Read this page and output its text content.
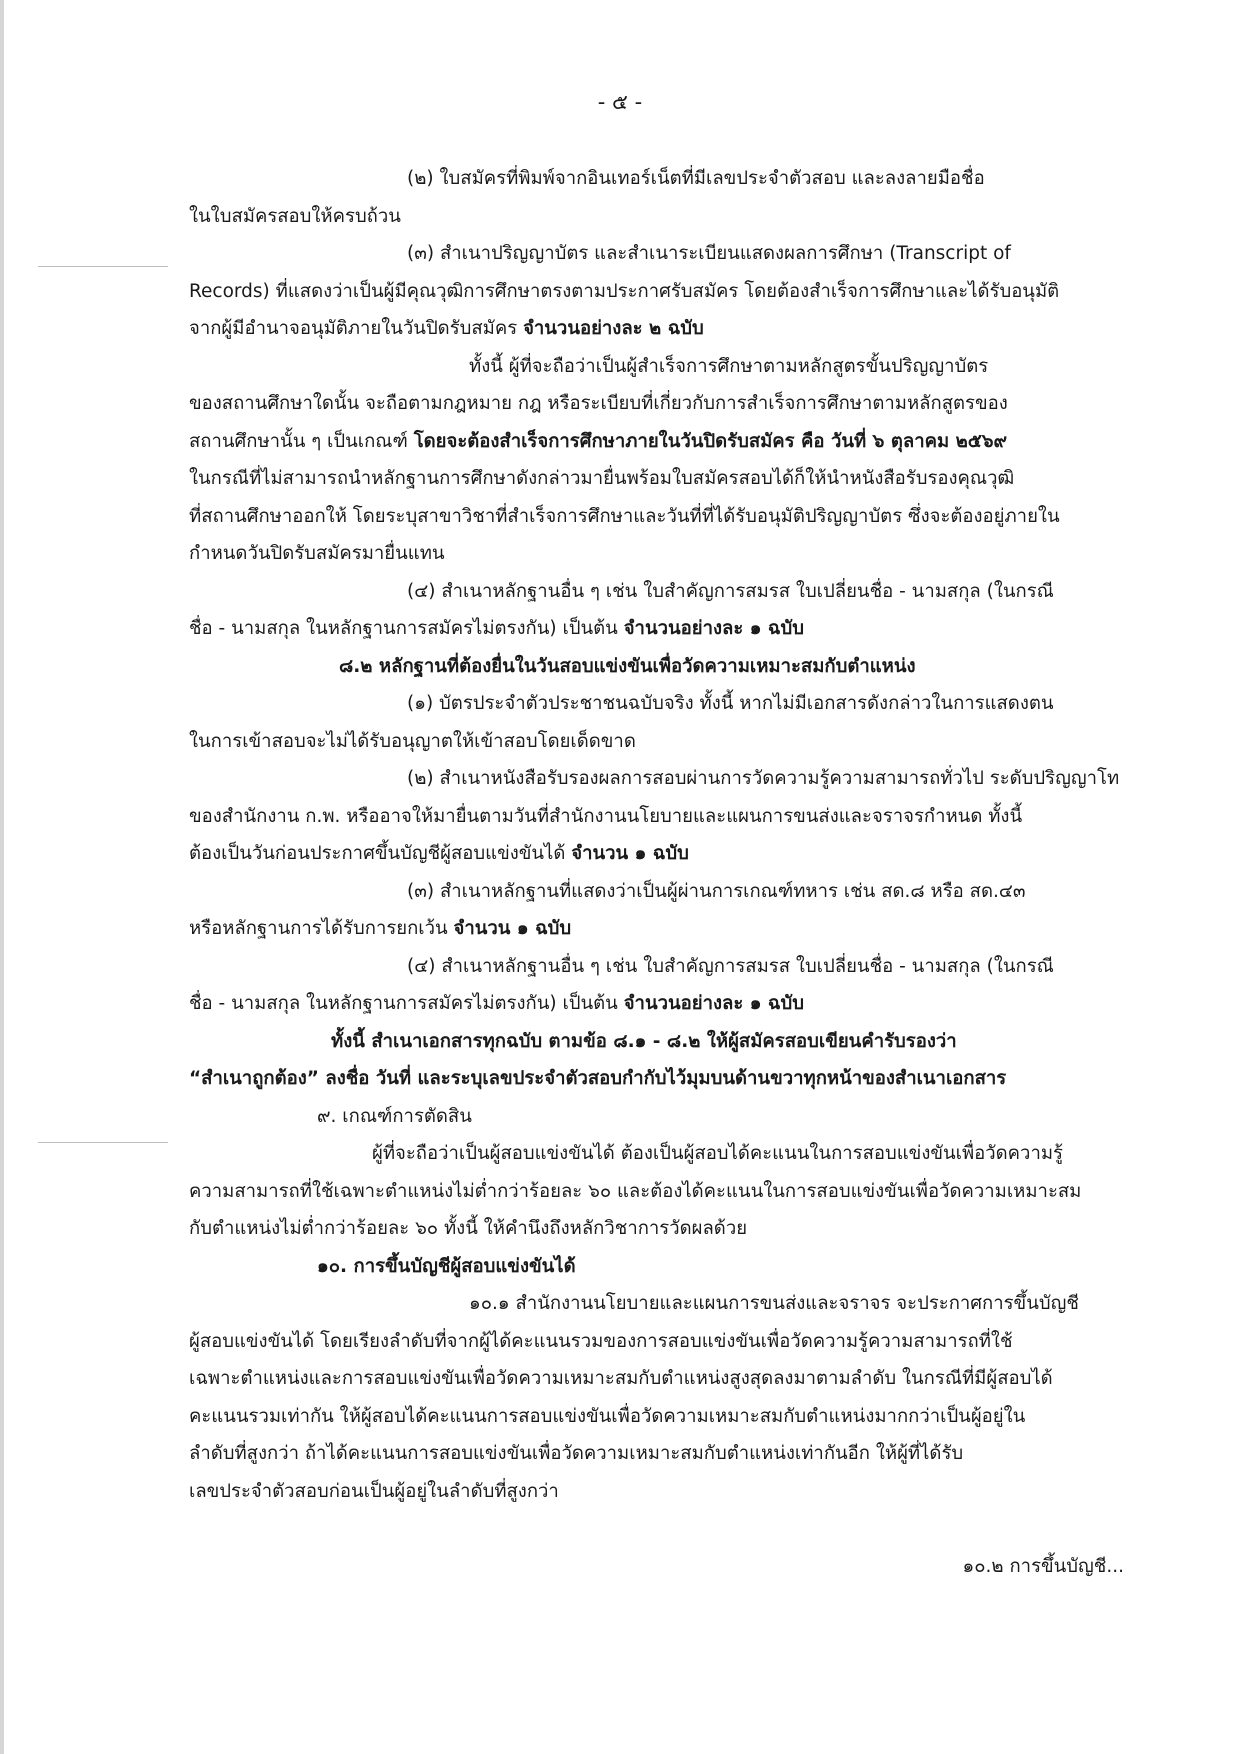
- ๕ -
(๒) ใบสมัครที่พิมพ์จากอินเทอร์เน็ตที่มีเลขประจำตัวสอบ และลงลายมือชื่อ
ในใบสมัครสอบให้ครบถ้วน
(๓) สำเนาปริญญาบัตร และสำเนาระเบียนแสดงผลการศึกษา (Transcript of
Records) ที่แสดงว่าเป็นผู้มีคุณวุฒิการศึกษาตรงตามประกาศรับสมัคร โดยต้องสำเร็จการศึกษาและได้รับอนุมัติ
จากผู้มีอำนาจอนุมัติภายในวันปิดรับสมัคร จำนวนอย่างละ ๒ ฉบับ
ทั้งนี้ ผู้ที่จะถือว่าเป็นผู้สำเร็จการศึกษาตามหลักสูตรขั้นปริญญาบัตร
ของสถานศึกษาใดนั้น จะถือตามกฎหมาย กฎ หรือระเบียบที่เกี่ยวกับการสำเร็จการศึกษาตามหลักสูตรของ
สถานศึกษานั้น ๆ เป็นเกณฑ์ โดยจะต้องสำเร็จการศึกษาภายในวันปิดรับสมัคร คือ วันที่ ๖ ตุลาคม ๒๕๖๙
ในกรณีที่ไม่สามารถนำหลักฐานการศึกษาดังกล่าวมายื่นพร้อมใบสมัครสอบได้ก็ให้นำหนังสือรับรองคุณวุฒิ
ที่สถานศึกษาออกให้ โดยระบุสาขาวิชาที่สำเร็จการศึกษาและวันที่ที่ได้รับอนุมัติปริญญาบัตร ซึ่งจะต้องอยู่ภายใน
กำหนดวันปิดรับสมัครมายื่นแทน
(๔) สำเนาหลักฐานอื่น ๆ เช่น ใบสำคัญการสมรส ใบเปลี่ยนชื่อ - นามสกุล (ในกรณี
ชื่อ - นามสกุล ในหลักฐานการสมัครไม่ตรงกัน) เป็นต้น จำนวนอย่างละ ๑ ฉบับ
๘.๒ หลักฐานที่ต้องยื่นในวันสอบแข่งขันเพื่อวัดความเหมาะสมกับตำแหน่ง
(๑) บัตรประจำตัวประชาชนฉบับจริง ทั้งนี้ หากไม่มีเอกสารดังกล่าวในการแสดงตน
ในการเข้าสอบจะไม่ได้รับอนุญาตให้เข้าสอบโดยเด็ดขาด
(๒) สำเนาหนังสือรับรองผลการสอบผ่านการวัดความรู้ความสามารถทั่วไป ระดับปริญญาโท
ของสำนักงาน ก.พ. หรืออาจให้มายื่นตามวันที่สำนักงานนโยบายและแผนการขนส่งและจราจรกำหนด ทั้งนี้
ต้องเป็นวันก่อนประกาศขึ้นบัญชีผู้สอบแข่งขันได้ จำนวน ๑ ฉบับ
(๓) สำเนาหลักฐานที่แสดงว่าเป็นผู้ผ่านการเกณฑ์ทหาร เช่น สด.๘ หรือ สด.๔๓
หรือหลักฐานการได้รับการยกเว้น จำนวน ๑ ฉบับ
(๔) สำเนาหลักฐานอื่น ๆ เช่น ใบสำคัญการสมรส ใบเปลี่ยนชื่อ - นามสกุล (ในกรณี
ชื่อ - นามสกุล ในหลักฐานการสมัครไม่ตรงกัน) เป็นต้น จำนวนอย่างละ ๑ ฉบับ
ทั้งนี้ สำเนาเอกสารทุกฉบับ ตามข้อ ๘.๑ - ๘.๒ ให้ผู้สมัครสอบเขียนคำรับรองว่า
“สำเนาถูกต้อง” ลงชื่อ วันที่ และระบุเลขประจำตัวสอบกำกับไว้มุมบนด้านขวาทุกหน้าของสำเนาเอกสาร
๙. เกณฑ์การตัดสิน
ผู้ที่จะถือว่าเป็นผู้สอบแข่งขันได้ ต้องเป็นผู้สอบได้คะแนนในการสอบแข่งขันเพื่อวัดความรู้
ความสามารถที่ใช้เฉพาะตำแหน่งไม่ต่ำกว่าร้อยละ ๖๐ และต้องได้คะแนนในการสอบแข่งขันเพื่อวัดความเหมาะสม
กับตำแหน่งไม่ต่ำกว่าร้อยละ ๖๐ ทั้งนี้ ให้คำนึงถึงหลักวิชาการวัดผลด้วย
๑๐. การขึ้นบัญชีผู้สอบแข่งขันได้
๑๐.๑ สำนักงานนโยบายและแผนการขนส่งและจราจร จะประกาศการขึ้นบัญชี
ผู้สอบแข่งขันได้ โดยเรียงลำดับที่จากผู้ได้คะแนนรวมของการสอบแข่งขันเพื่อวัดความรู้ความสามารถที่ใช้
เฉพาะตำแหน่งและการสอบแข่งขันเพื่อวัดความเหมาะสมกับตำแหน่งสูงสุดลงมาตามลำดับ ในกรณีที่มีผู้สอบได้
คะแนนรวมเท่ากัน ให้ผู้สอบได้คะแนนการสอบแข่งขันเพื่อวัดความเหมาะสมกับตำแหน่งมากกว่าเป็นผู้อยู่ใน
ลำดับที่สูงกว่า ถ้าได้คะแนนการสอบแข่งขันเพื่อวัดความเหมาะสมกับตำแหน่งเท่ากันอีก ให้ผู้ที่ได้รับ
เลขประจำตัวสอบก่อนเป็นผู้อยู่ในลำดับที่สูงกว่า
๑๐.๒ การขึ้นบัญชี...
